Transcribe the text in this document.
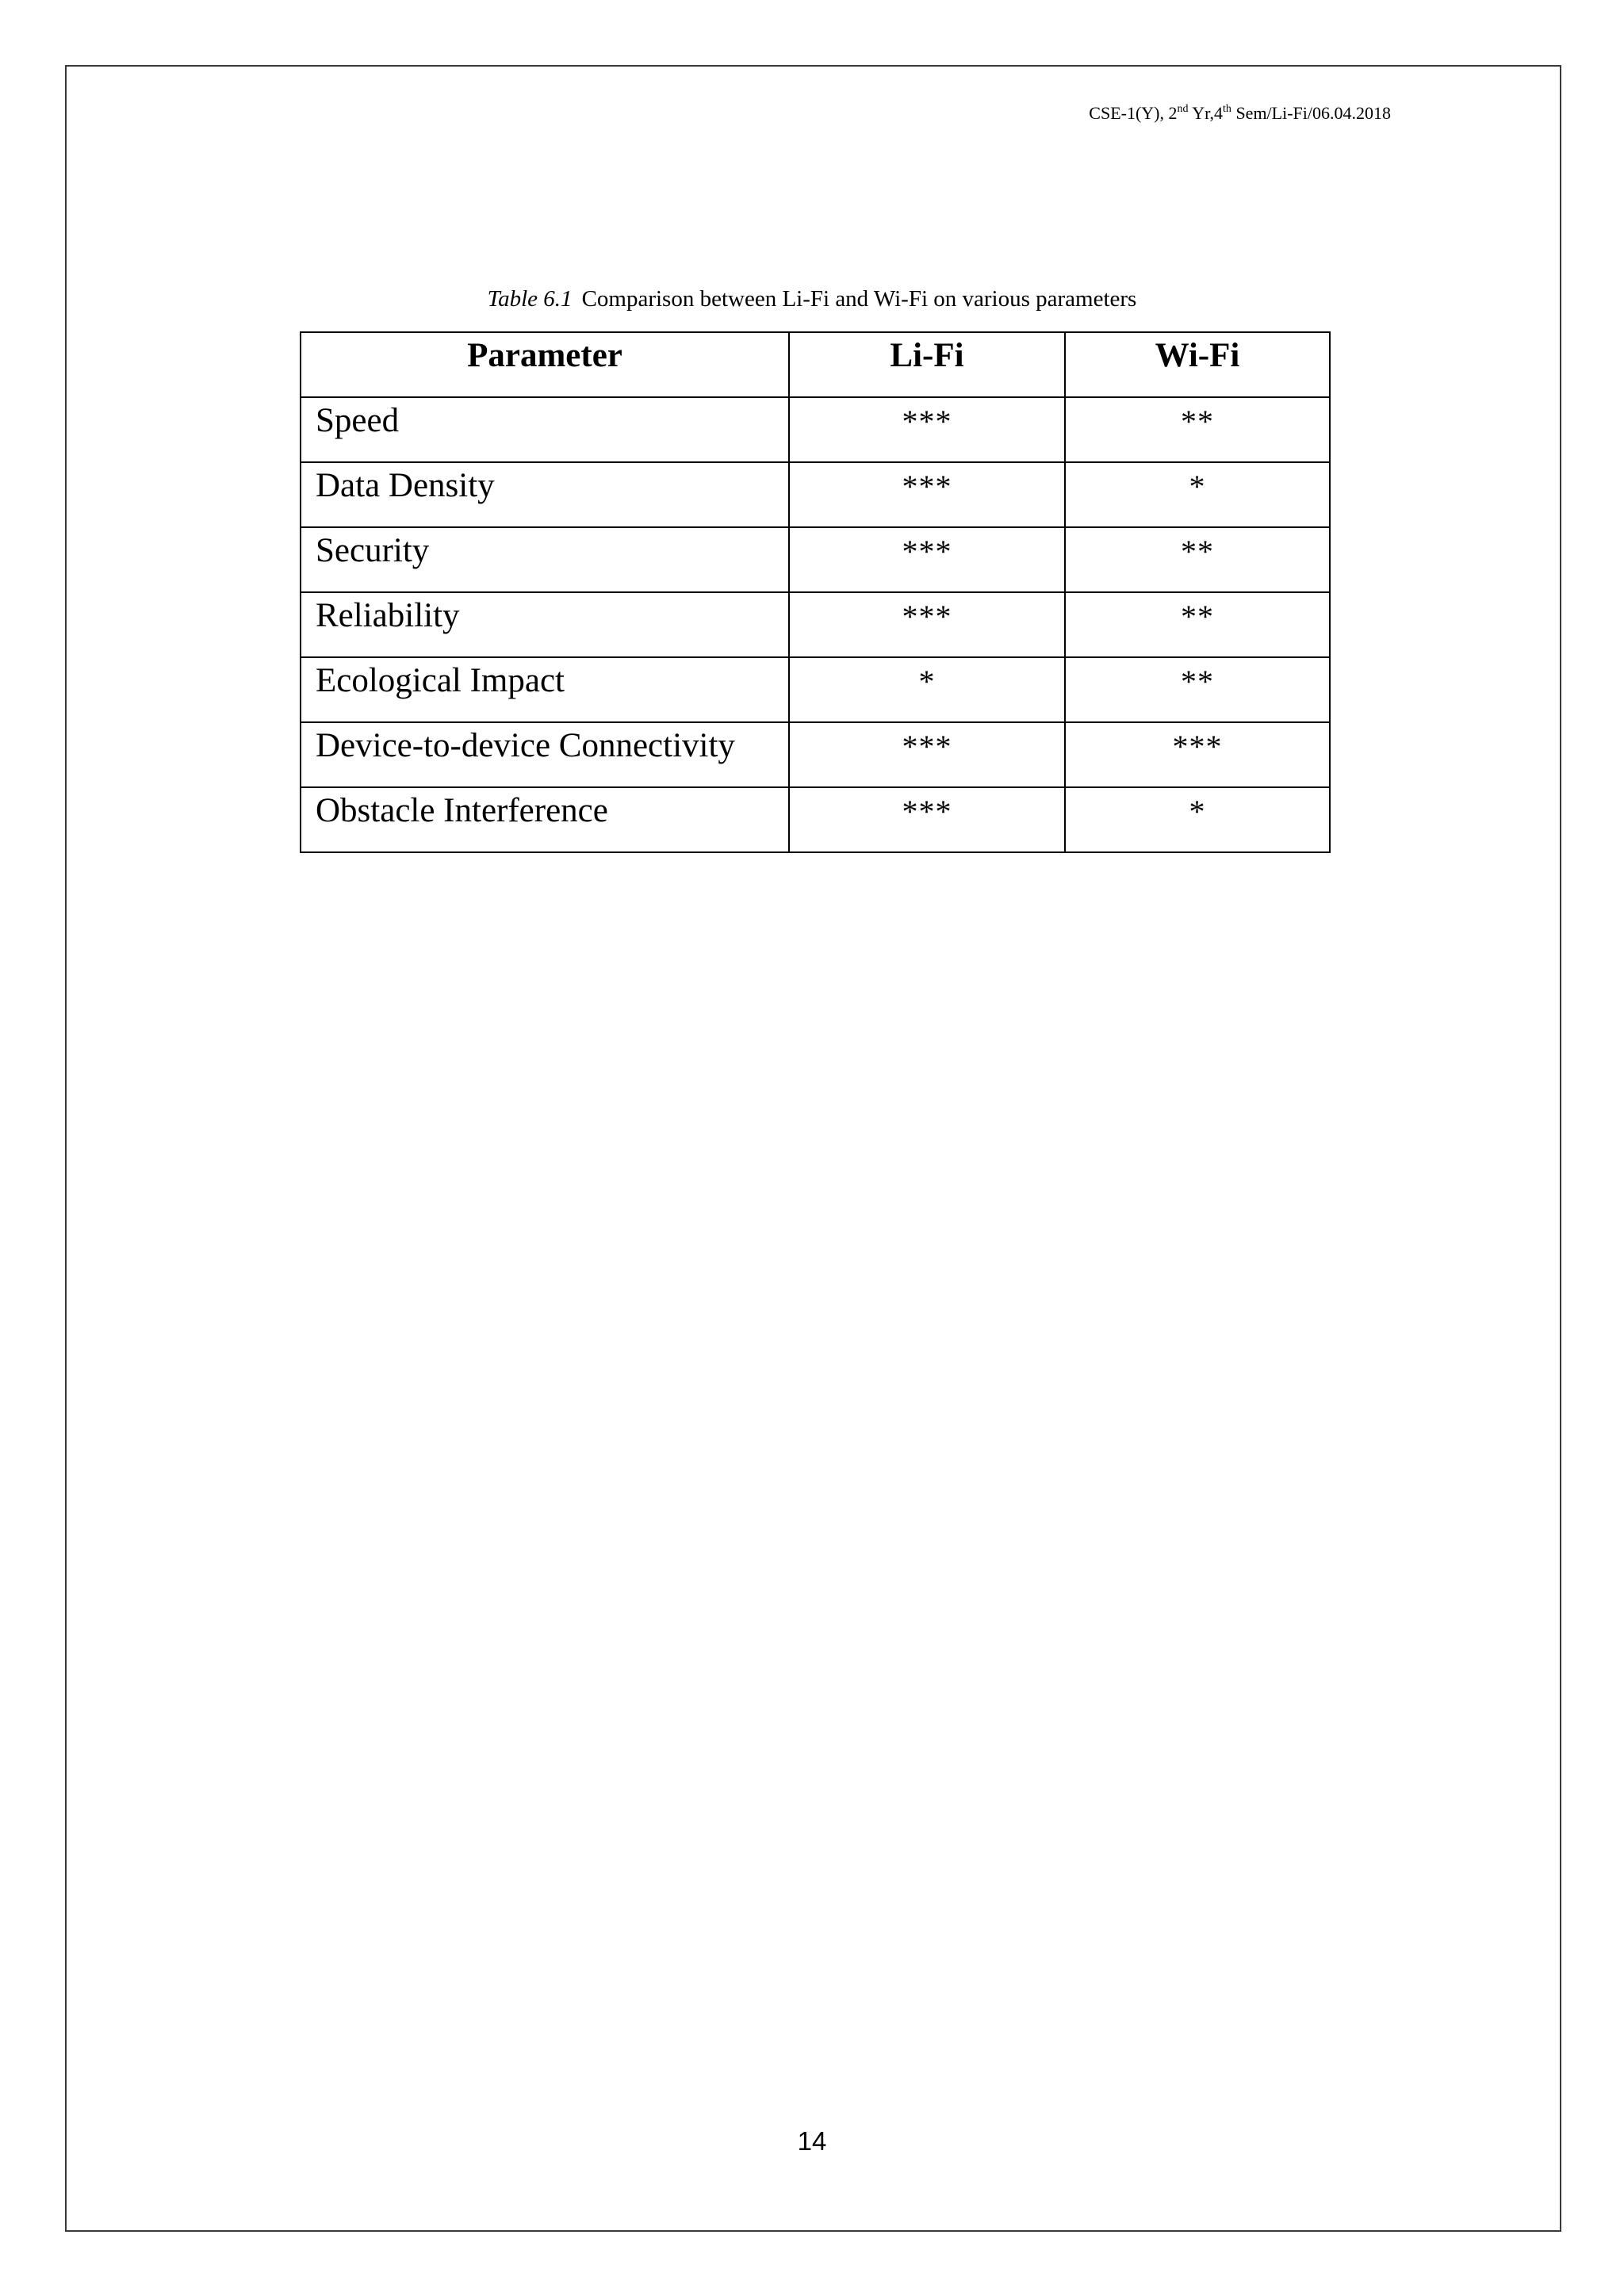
CSE-1(Y), 2nd Yr,4th Sem/Li-Fi/06.04.2018
Table 6.1 Comparison between Li-Fi and Wi-Fi on various parameters
Parameter	Li-Fi	Wi-Fi
Speed	***	**
Data Density	***	*
Security	***	**
Reliability	***	**
Ecological Impact	*	**
Device-to-device Connectivity	***	***
Obstacle Interference	***	*
14
